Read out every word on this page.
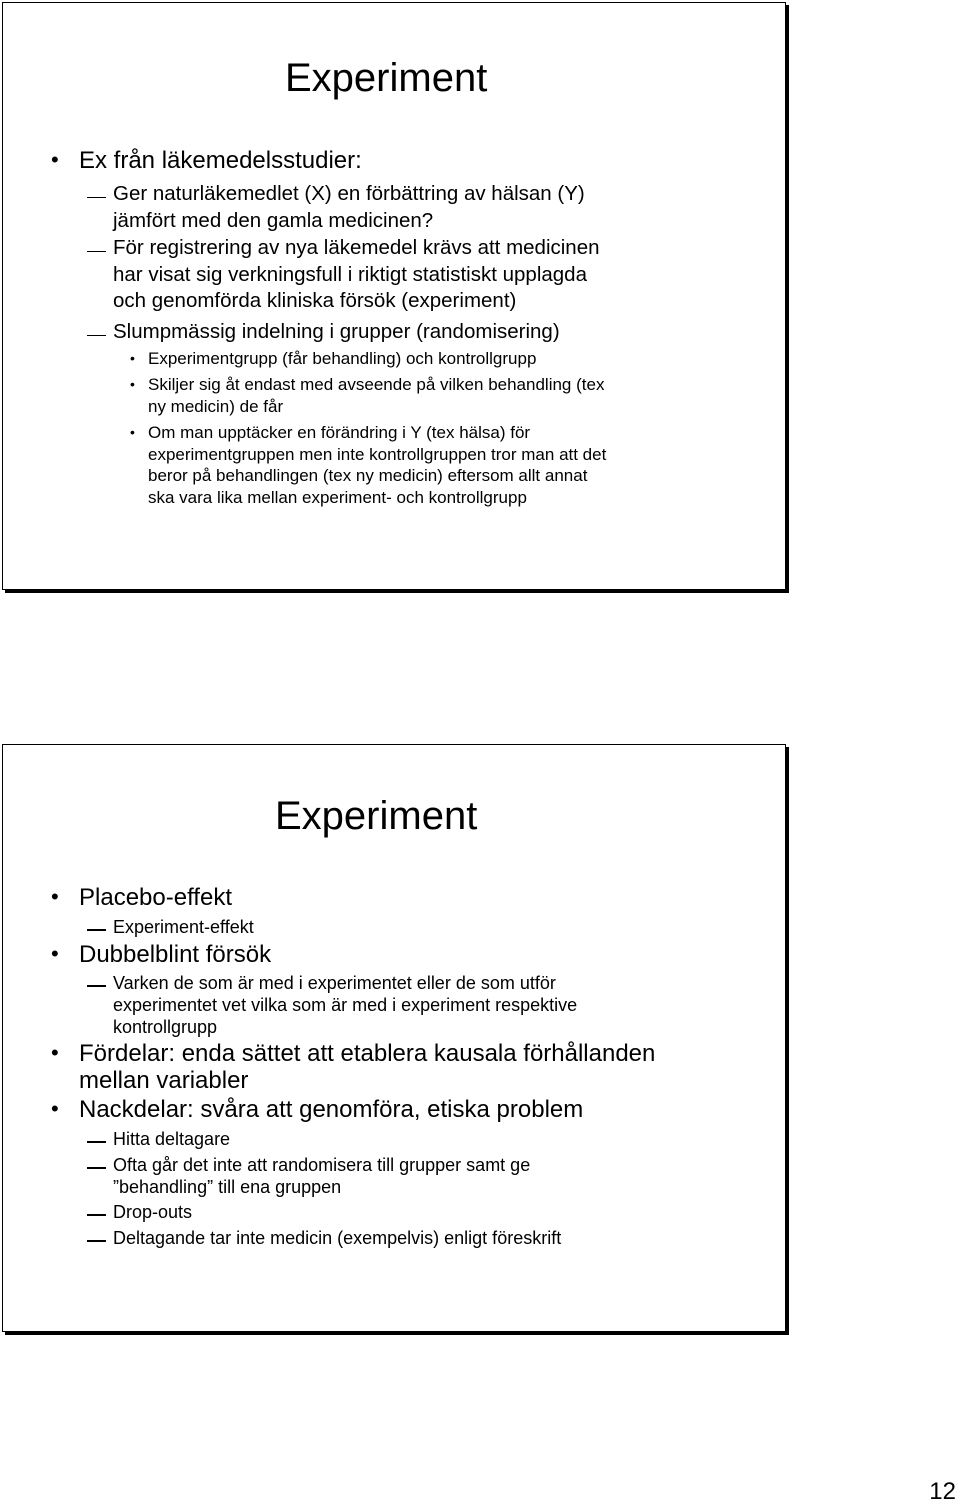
Experiment
• Ex från läkemedelsstudier:
Ger naturläkemedlet (X) en förbättring av hälsan (Y)
jämfört med den gamla medicinen?
För registrering av nya läkemedel krävs att medicinen
har visat sig verkningsfull i riktigt statistiskt upplagda
och genomförda kliniska försök (experiment)
Slumpmässig indelning i grupper (randomisering)
• Experimentgrupp (får behandling) och kontrollgrupp
• Skiljer sig åt endast med avseende på vilken behandling (tex
ny medicin) de får
• Om man upptäcker en förändring i Y (tex hälsa) för
experimentgruppen men inte kontrollgruppen tror man att det
beror på behandlingen (tex ny medicin) eftersom allt annat
ska vara lika mellan experiment- och kontrollgrupp
Experiment
• Placebo-effekt
Experiment-effekt
• Dubbelblint försök
Varken de som är med i experimentet eller de som utför
experimentet vet vilka som är med i experiment respektive
kontrollgrupp
• Fördelar: enda sättet att etablera kausala förhållanden
mellan variabler
• Nackdelar: svåra att genomföra, etiska problem
Hitta deltagare
Ofta går det inte att randomisera till grupper samt ge
”behandling” till ena gruppen
Drop-outs
Deltagande tar inte medicin (exempelvis) enligt föreskrift
12
